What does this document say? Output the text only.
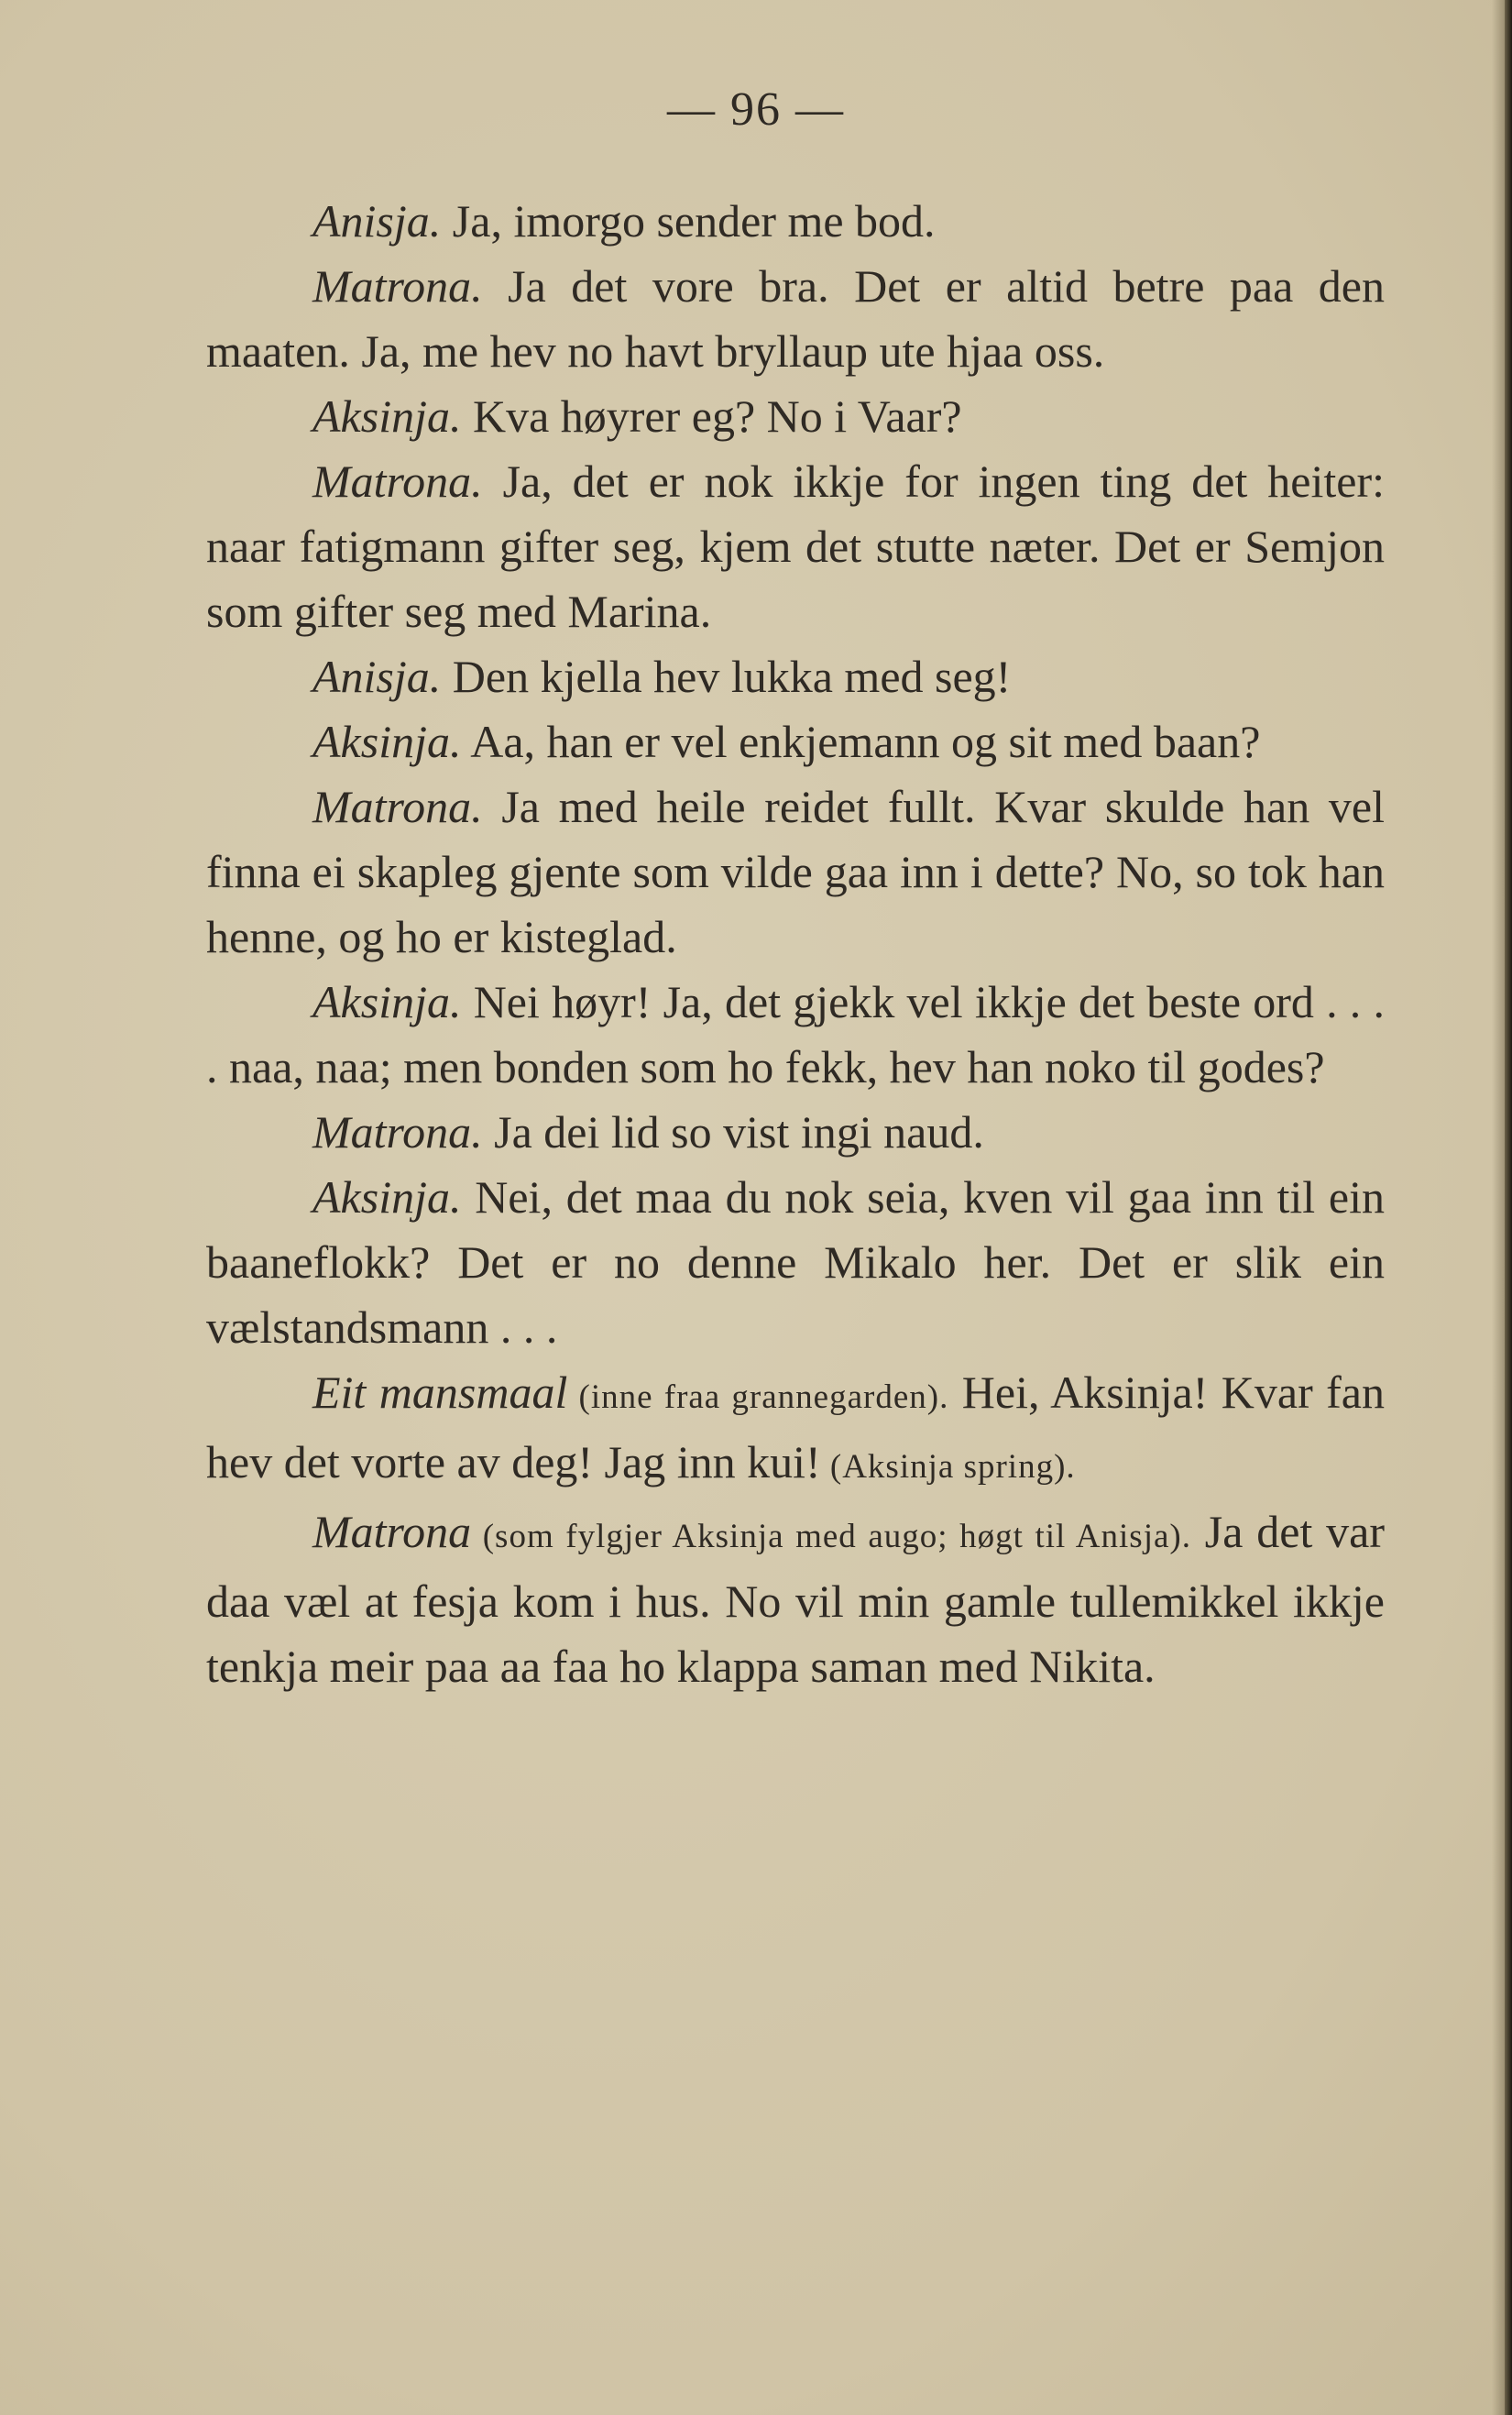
— 96 —

Anisja. Ja, imorgo sender me bod.

Matrona. Ja det vore bra. Det er altid betre paa den maaten. Ja, me hev no havt bryllaup ute hjaa oss.

Aksinja. Kva høyrer eg? No i Vaar?

Matrona. Ja, det er nok ikkje for ingen ting det heiter: naar fatigmann gifter seg, kjem det stutte næter. Det er Semjon som gifter seg med Marina.

Anisja. Den kjella hev lukka med seg!

Aksinja. Aa, han er vel enkjemann og sit med baan?

Matrona. Ja med heile reidet fullt. Kvar skulde han vel finna ei skapleg gjente som vilde gaa inn i dette? No, so tok han henne, og ho er kisteglad.

Aksinja. Nei høyr! Ja, det gjekk vel ikkje det beste ord . . . . naa, naa; men bonden som ho fekk, hev han noko til godes?

Matrona. Ja dei lid so vist ingi naud.

Aksinja. Nei, det maa du nok seia, kven vil gaa inn til ein baaneflokk? Det er no denne Mikalo her. Det er slik ein vælstandsmann . . .

Eit mansmaal (inne fraa grannegarden). Hei, Aksinja! Kvar fan hev det vorte av deg! Jag inn kui! (Aksinja spring).

Matrona (som fylgjer Aksinja med augo; høgt til Anisja). Ja det var daa væl at fesja kom i hus. No vil min gamle tullemikkel ikkje tenkja meir paa aa faa ho klappa saman med Nikita.
